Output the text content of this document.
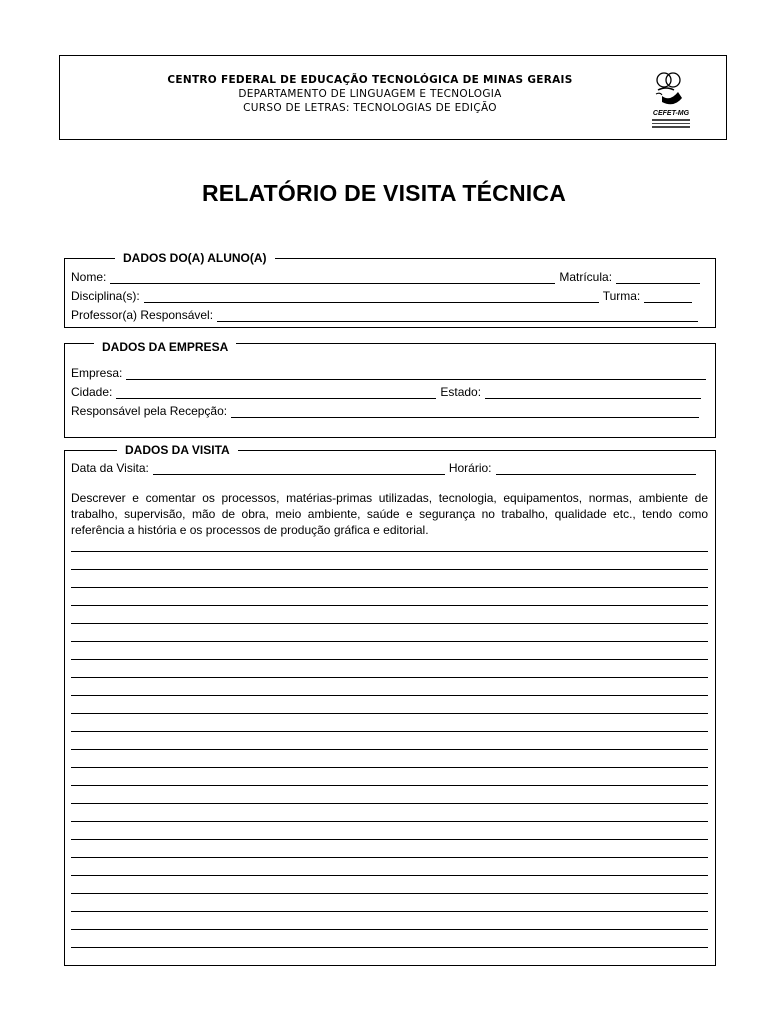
CENTRO FEDERAL DE EDUCAÇÃO TECNOLÓGICA DE MINAS GERAIS
DEPARTAMENTO DE LINGUAGEM E TECNOLOGIA
CURSO DE LETRAS: TECNOLOGIAS DE EDIÇÃO	CEFET-MG
RELATÓRIO DE VISITA TÉCNICA
DADOS DO(A) ALUNO(A)
Nome:	Matrícula:
Disciplina(s):	Turma:
Professor(a) Responsável:
DADOS DA EMPRESA
Empresa:
Cidade:	Estado:
Responsável pela Recepção:
DADOS DA VISITA
Data da Visita:	Horário:
Descrever e comentar os processos, matérias-primas utilizadas, tecnologia, equipamentos, normas, ambiente de trabalho, supervisão, mão de obra, meio ambiente, saúde e segurança no trabalho, qualidade etc., tendo como referência a história e os processos de produção gráfica e editorial.
